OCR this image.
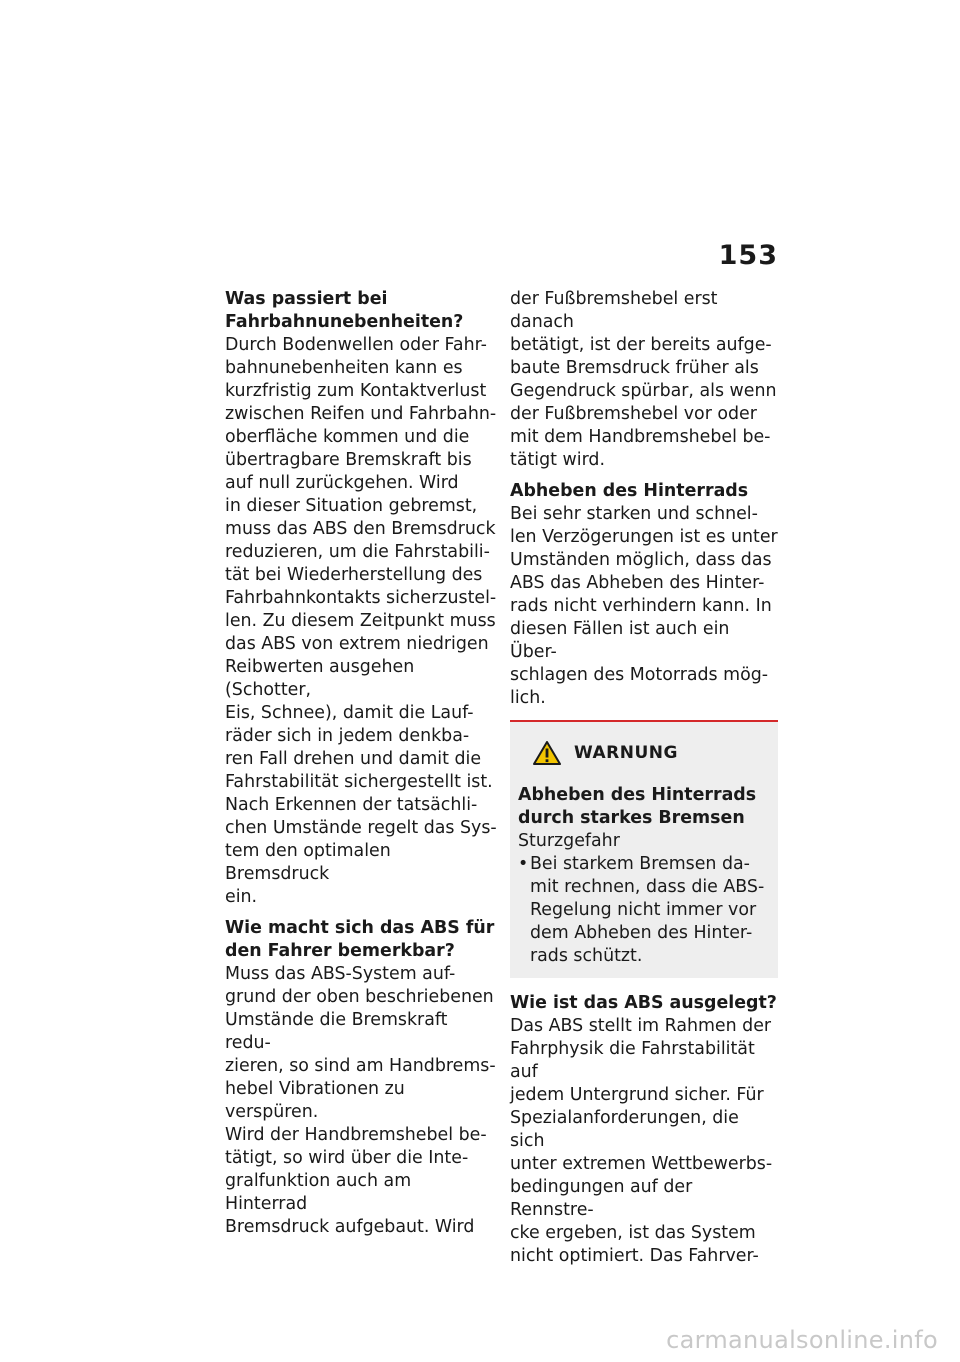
153
Was passiert bei
Fahrbahnunebenheiten?
Durch Bodenwellen oder Fahr-
bahnunebenheiten kann es
kurzfristig zum Kontaktverlust
zwischen Reifen und Fahrbahn-
oberfläche kommen und die
übertragbare Bremskraft bis
auf null zurückgehen. Wird
in dieser Situation gebremst,
muss das ABS den Bremsdruck
reduzieren, um die Fahrstabili-
tät bei Wiederherstellung des
Fahrbahnkontakts sicherzustel-
len. Zu diesem Zeitpunkt muss
das ABS von extrem niedrigen
Reibwerten ausgehen (Schotter,
Eis, Schnee), damit die Lauf-
räder sich in jedem denkba-
ren Fall drehen und damit die
Fahrstabilität sichergestellt ist.
Nach Erkennen der tatsächli-
chen Umstände regelt das Sys-
tem den optimalen Bremsdruck
ein.
Wie macht sich das ABS für
den Fahrer bemerkbar?
Muss das ABS-System auf-
grund der oben beschriebenen
Umstände die Bremskraft redu-
zieren, so sind am Handbrems-
hebel Vibrationen zu verspüren.
Wird der Handbremshebel be-
tätigt, so wird über die Inte-
gralfunktion auch am Hinterrad
Bremsdruck aufgebaut. Wird
der Fußbremshebel erst danach
betätigt, ist der bereits aufge-
baute Bremsdruck früher als
Gegendruck spürbar, als wenn
der Fußbremshebel vor oder
mit dem Handbremshebel be-
tätigt wird.
Abheben des Hinterrads
Bei sehr starken und schnel-
len Verzögerungen ist es unter
Umständen möglich, dass das
ABS das Abheben des Hinter-
rads nicht verhindern kann. In
diesen Fällen ist auch ein Über-
schlagen des Motorrads mög-
lich.
WARNUNG
Abheben des Hinterrads
durch starkes Bremsen
Sturzgefahr
• Bei starkem Bremsen da-
mit rechnen, dass die ABS-
Regelung nicht immer vor
dem Abheben des Hinter-
rads schützt.
Wie ist das ABS ausgelegt?
Das ABS stellt im Rahmen der
Fahrphysik die Fahrstabilität auf
jedem Untergrund sicher. Für
Spezialanforderungen, die sich
unter extremen Wettbewerbs-
bedingungen auf der Rennstre-
cke ergeben, ist das System
nicht optimiert. Das Fahrver-
carmanualsonline.info
